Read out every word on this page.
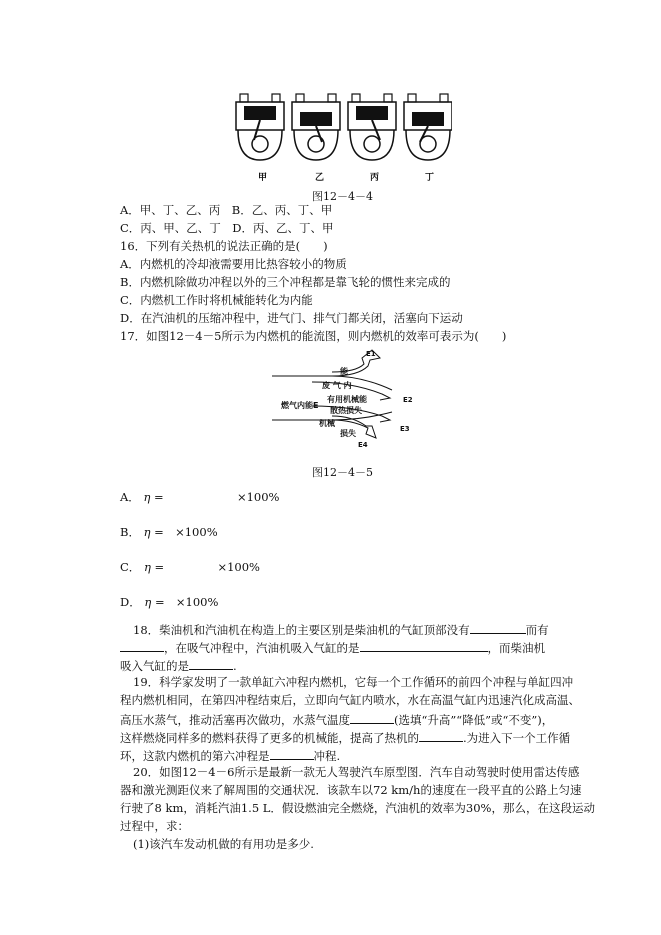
甲	乙	丙	丁
图12－4－4
A．甲、丁、乙、丙　B．乙、丙、丁、甲
C．丙、甲、乙、丁　D．丙、乙、丁、甲
16．下列有关热机的说法正确的是(　　)
A．内燃机的冷却液需要用比热容较小的物质
B．内燃机除做功冲程以外的三个冲程都是靠飞轮的惯性来完成的
C．内燃机工作时将机械能转化为内能
D．在汽油机的压缩冲程中，进气门、排气门都关闭，活塞向下运动
17．如图12－4－5所示为内燃机的能流图，则内燃机的效率可表示为(　　)
燃气内能E
废 气 内
能
有用机械能
散热损失
机械
损失
E1
E2
E3
E4
图12－4－5
A． η =	×100%
B． η = ×100%
C． η =	×100%
D． η = ×100%
18．柴油机和汽油机在构造上的主要区别是柴油机的气缸顶部没有	而有
，在吸气冲程中，汽油机吸入气缸的是	，而柴油机
吸入气缸的是	.
19．科学家发明了一款单缸六冲程内燃机，它每一个工作循环的前四个冲程与单缸四冲
程内燃机相同，在第四冲程结束后，立即向气缸内喷水，水在高温气缸内迅速汽化成高温、
高压水蒸气，推动活塞再次做功，水蒸气温度	(选填“升高”“降低”或“不变”)，
这样燃烧同样多的燃料获得了更多的机械能，提高了热机的	.为进入下一个工作循
环，这款内燃机的第六冲程是	冲程.
20．如图12－4－6所示是最新一款无人驾驶汽车原型图．汽车自动驾驶时使用雷达传感
器和激光测距仪来了解周围的交通状况．该款车以72 km/h的速度在一段平直的公路上匀速
行驶了8 km，消耗汽油1.5 L．假设燃油完全燃烧，汽油机的效率为30%，那么，在这段运动
过程中，求：
(1)该汽车发动机做的有用功是多少.
